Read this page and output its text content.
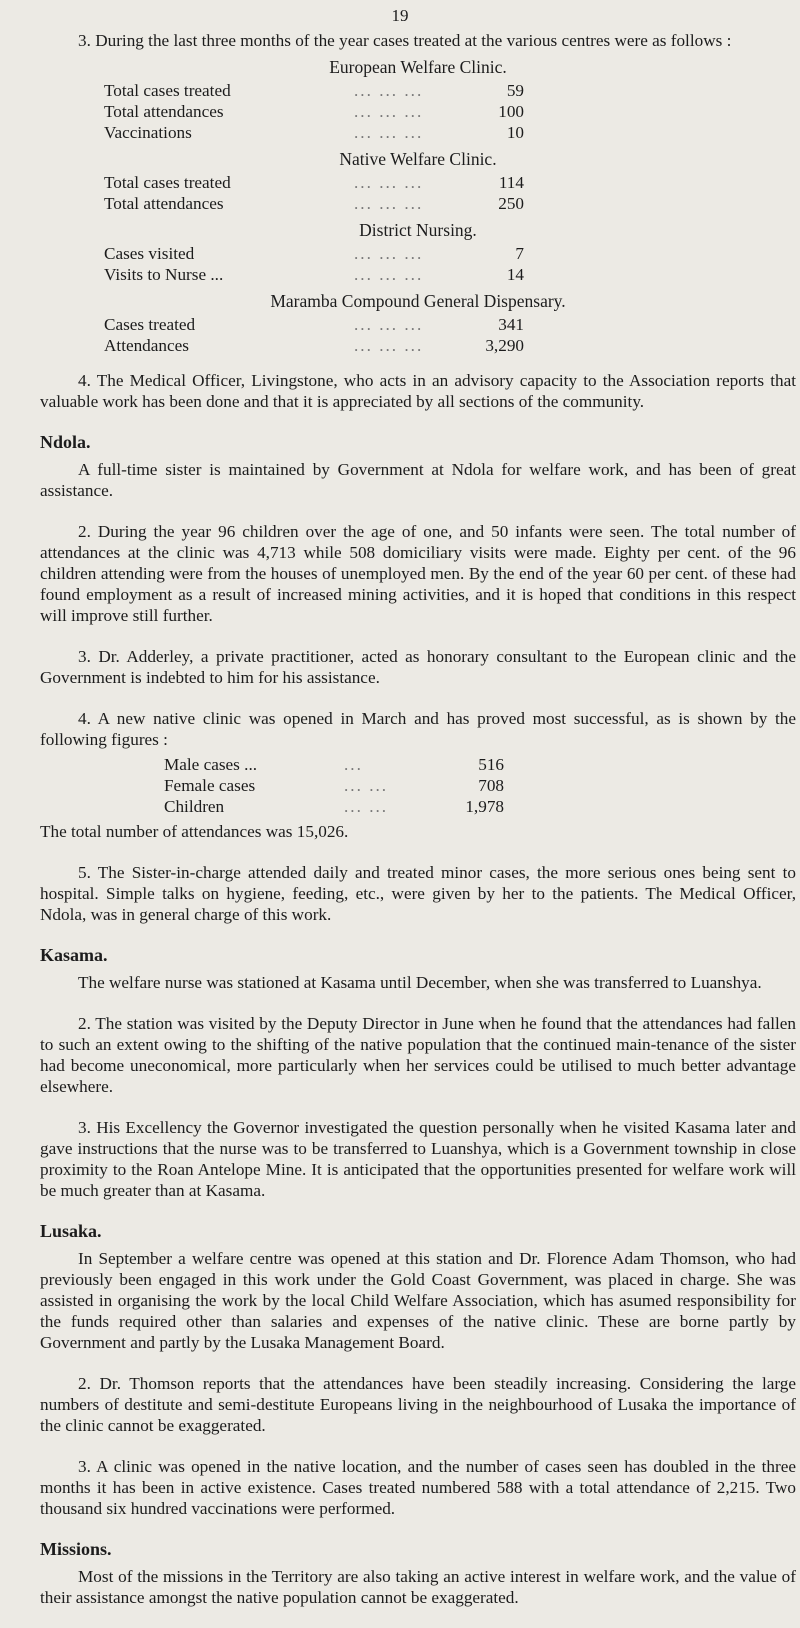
19

3. During the last three months of the year cases treated at the various centres were as follows :

European Welfare Clinic.
Total cases treated	... ... ...	59
Total attendances	... ... ...	100
Vaccinations	... ... ...	10
Native Welfare Clinic.
Total cases treated	... ... ...	114
Total attendances	... ... ...	250
District Nursing.
Cases visited	... ... ...	7
Visits to Nurse ...	... ... ...	14
Maramba Compound General Dispensary.
Cases treated	... ... ...	341
Attendances	... ... ...	3,290

4. The Medical Officer, Livingstone, who acts in an advisory capacity to the Association reports that valuable work has been done and that it is appreciated by all sections of the community.

Ndola.

A full-time sister is maintained by Government at Ndola for welfare work, and has been of great assistance.

2. During the year 96 children over the age of one, and 50 infants were seen. The total number of attendances at the clinic was 4,713 while 508 domiciliary visits were made. Eighty per cent. of the 96 children attending were from the houses of unemployed men. By the end of the year 60 per cent. of these had found employment as a result of increased mining activities, and it is hoped that conditions in this respect will improve still further.

3. Dr. Adderley, a private practitioner, acted as honorary consultant to the European clinic and the Government is indebted to him for his assistance.

4. A new native clinic was opened in March and has proved most successful, as is shown by the following figures :

Male cases ...	...	516
Female cases	... ...	708
Children	... ...	1,978

The total number of attendances was 15,026.

5. The Sister-in-charge attended daily and treated minor cases, the more serious ones being sent to hospital. Simple talks on hygiene, feeding, etc., were given by her to the patients. The Medical Officer, Ndola, was in general charge of this work.

Kasama.

The welfare nurse was stationed at Kasama until December, when she was transferred to Luanshya.

2. The station was visited by the Deputy Director in June when he found that the attendances had fallen to such an extent owing to the shifting of the native population that the continued main-tenance of the sister had become uneconomical, more particularly when her services could be utilised to much better advantage elsewhere.

3. His Excellency the Governor investigated the question personally when he visited Kasama later and gave instructions that the nurse was to be transferred to Luanshya, which is a Government township in close proximity to the Roan Antelope Mine. It is anticipated that the opportunities presented for welfare work will be much greater than at Kasama.

Lusaka.

In September a welfare centre was opened at this station and Dr. Florence Adam Thomson, who had previously been engaged in this work under the Gold Coast Government, was placed in charge. She was assisted in organising the work by the local Child Welfare Association, which has asumed responsibility for the funds required other than salaries and expenses of the native clinic. These are borne partly by Government and partly by the Lusaka Management Board.

2. Dr. Thomson reports that the attendances have been steadily increasing. Considering the large numbers of destitute and semi-destitute Europeans living in the neighbourhood of Lusaka the importance of the clinic cannot be exaggerated.

3. A clinic was opened in the native location, and the number of cases seen has doubled in the three months it has been in active existence. Cases treated numbered 588 with a total attendance of 2,215. Two thousand six hundred vaccinations were performed.

Missions.

Most of the missions in the Territory are also taking an active interest in welfare work, and the value of their assistance amongst the native population cannot be exaggerated.
